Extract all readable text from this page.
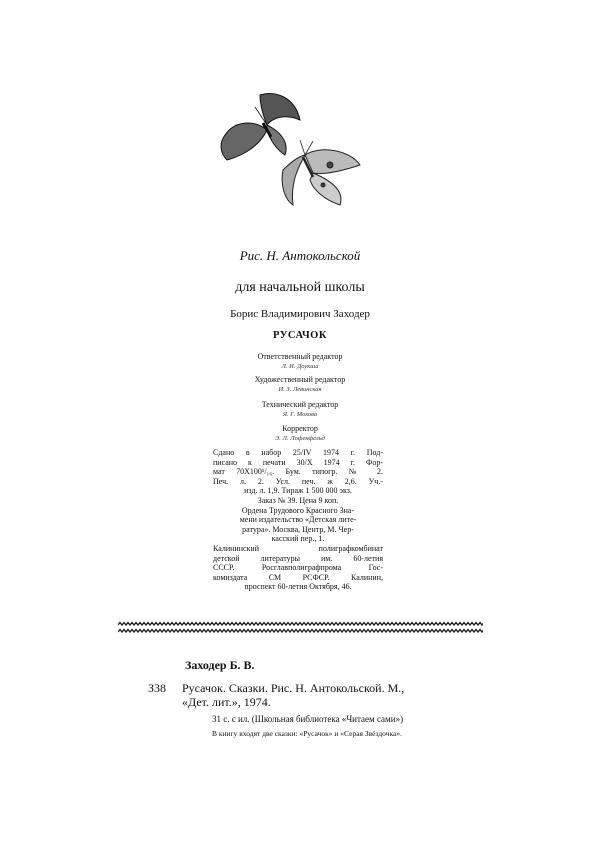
Рис. Н. Антокольской
для начальной школы
Борис Владимирович Заходер
РУСАЧОК
Ответственный редактор
Л. И. Доукша
Художественный редактор
И. З. Левинская
Технический редактор
Я. Г. Мохова
Корректор
Э. Л. Лофенфельд
Сдано в набор 25/IV 1974 г. Под-
писано к печати 30/X 1974 г. Фор-
мат 70X100¹/₁₆. Бум. типогр. № 2.
Печ. л. 2. Усл. печ. ж 2,6. Уч.-
изд. л. 1,9. Тираж 1 500 000 экз.
Заказ № 39. Цена 9 коп.
Ордена Трудового Красного Зна-
мени издательство «Детская лите-
ратура». Москва, Центр, М. Чер-
касский пер., 1.
Калининский полиграфкомбинат
детской литературы им. 60-летия
СССР. Росглавполиграфпрома Гос-
комиздата СМ РСФСР. Калинин,
проспект 60-летия Октября, 46.
Заходер Б. В.
З38 Русачок. Сказки. Рис. Н. Антокольской. М.,
«Дет. лит.», 1974.
31 с. с ил. (Школьная библиотека «Читаем сами»)
В книгу входят две сказки: «Русачок» и «Серая Звёздочка».
